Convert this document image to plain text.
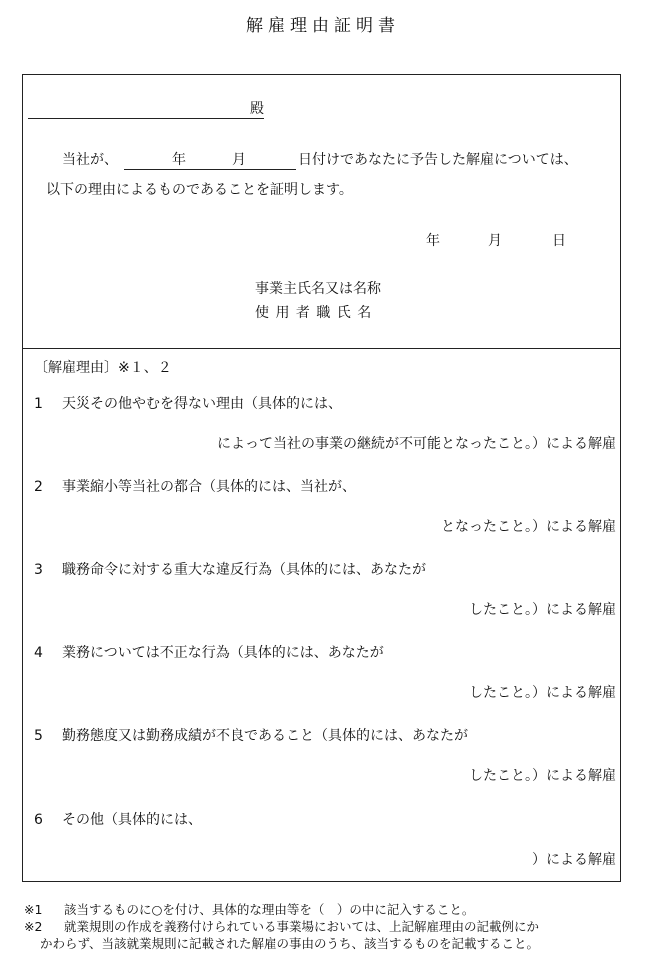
解雇理由証明書
殿
当社が、	年	月	日付けであなたに予告した解雇については、
以下の理由によるものであることを証明します。
年	月	日
事業主氏名又は名称
使 用 者 職 氏 名
〔解雇理由〕※１、２
1 天災その他やむを得ない理由（具体的には、
によって当社の事業の継続が不可能となったこと。）による解雇
2 事業縮小等当社の都合（具体的には、当社が、
となったこと。）による解雇
3 職務命令に対する重大な違反行為（具体的には、あなたが
したこと。）による解雇
4 業務については不正な行為（具体的には、あなたが
したこと。）による解雇
5 勤務態度又は勤務成績が不良であること（具体的には、あなたが
したこと。）による解雇
6 その他（具体的には、
）による解雇
※1 該当するものに○を付け、具体的な理由等を（　）の中に記入すること。
※2 就業規則の作成を義務付けられている事業場においては、上記解雇理由の記載例にか
かわらず、当該就業規則に記載された解雇の事由のうち、該当するものを記載すること。
